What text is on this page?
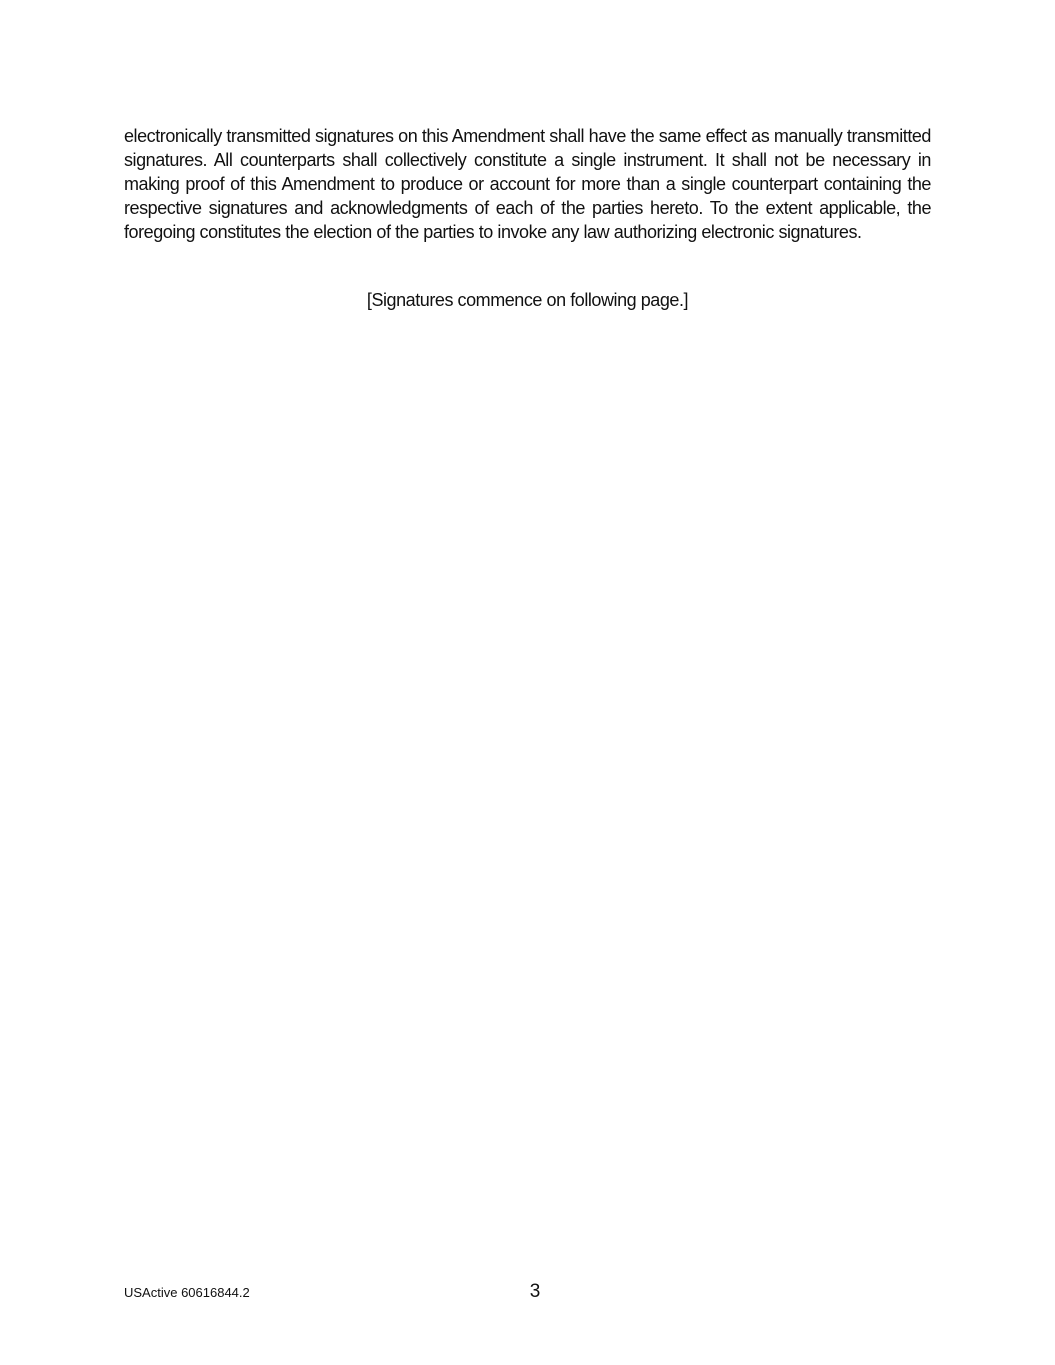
electronically transmitted signatures on this Amendment shall have the same effect as manually transmitted signatures. All counterparts shall collectively constitute a single instrument. It shall not be necessary in making proof of this Amendment to produce or account for more than a single counterpart containing the respective signatures and acknowledgments of each of the parties hereto. To the extent applicable, the foregoing constitutes the election of the parties to invoke any law authorizing electronic signatures.

[Signatures commence on following page.]

USActive 60616844.2	3
